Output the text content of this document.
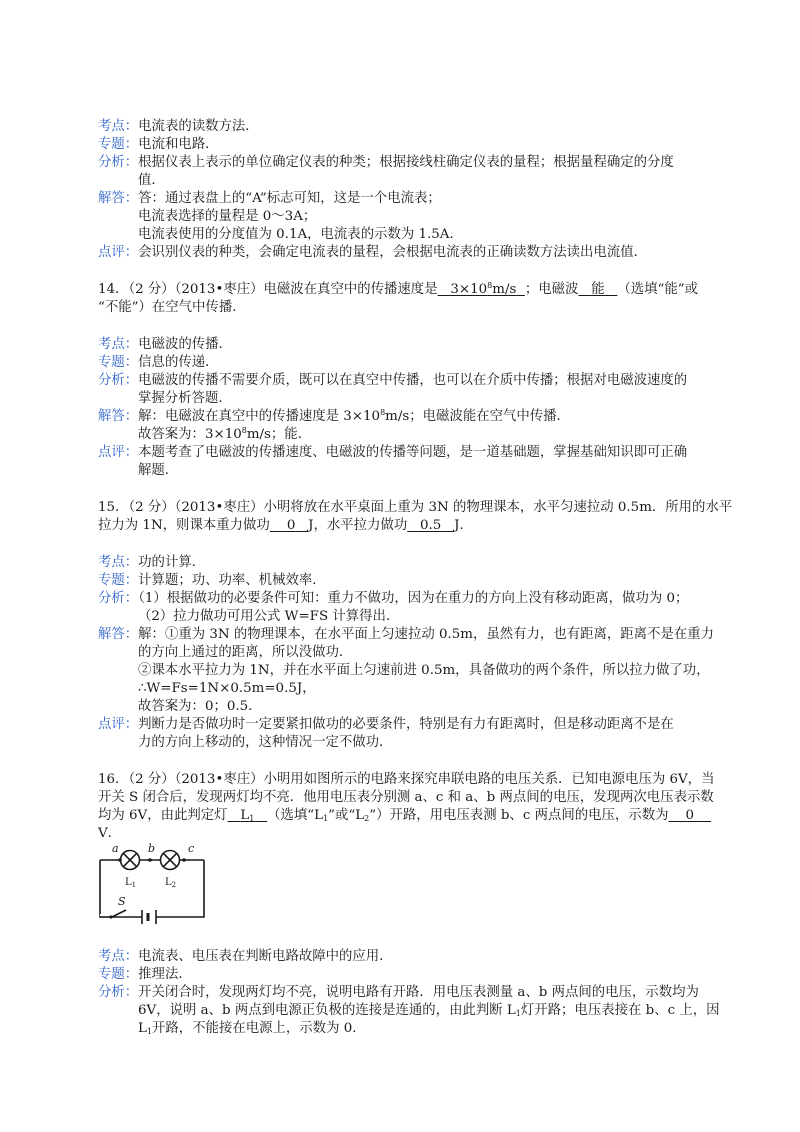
考点：电流表的读数方法．
专题：电流和电路．
分析：根据仪表上表示的单位确定仪表的种类；根据接线柱确定仪表的量程；根据量程确定的分度
值．
解答：答：通过表盘上的“A”标志可知，这是一个电流表；
电流表选择的量程是 0～3A；
电流表使用的分度值为 0.1A，电流表的示数为 1.5A．
点评：会识别仪表的种类，会确定电流表的量程，会根据电流表的正确读数方法读出电流值．
14．（2 分）（2013•枣庄）电磁波在真空中的传播速度是 $3\times 10^8m/s$ ；电磁波 能 （选填“能”或
“不能”）在空气中传播．
考点：电磁波的传播．
专题：信息的传递．
分析：电磁波的传播不需要介质，既可以在真空中传播，也可以在介质中传播；根据对电磁波速度的
掌握分析答题．
解答：解：电磁波在真空中的传播速度是 $3\times 10^8m/s$；电磁波能在空气中传播．
故答案为：$3\times 10^8m/s$；能．
点评：本题考查了电磁波的传播速度、电磁波的传播等问题，是一道基础题，掌握基础知识即可正确
解题．
15．（2 分）（2013•枣庄）小明将放在水平桌面上重为 3N 的物理课本，水平匀速拉动 0.5m．所用的水平
拉力为 1N，则课本重力做功 0 J，水平拉力做功 0.5 J．
考点：功的计算．
专题：计算题；功、功率、机械效率．
分析：（1）根据做功的必要条件可知：重力不做功，因为在重力的方向上没有移动距离，做功为 0；
（2）拉力做功可用公式 W=FS 计算得出．
解答：解：①重为 3N 的物理课本，在水平面上匀速拉动 0.5m，虽然有力，也有距离，距离不是在重力
的方向上通过的距离，所以没做功．
②课本水平拉力为 1N，并在水平面上匀速前进 0.5m，具备做功的两个条件，所以拉力做了功，
∴W=Fs=1N×0.5m=0.5J，
故答案为：0；0.5．
点评：判断力是否做功时一定要紧扣做功的必要条件，特别是有力有距离时，但是移动距离不是在
力的方向上移动的，这种情况一定不做功．
16．（2 分）（2013•枣庄）小明用如图所示的电路来探究串联电路的电压关系．已知电源电压为 6V，当
开关 S 闭合后，发现两灯均不亮．他用电压表分别测 a、c 和 a、b 两点间的电压，发现两次电压表示数
均为 6V，由此判定灯 $L_1$ （选填“$L_1$”或“$L_2$”）开路，用电压表测 b、c 两点间的电压，示数为 0
V．
a	b	c
S
$L_1$	$L_2$
考点：电流表、电压表在判断电路故障中的应用．
专题：推理法．
分析：开关闭合时，发现两灯均不亮，说明电路有开路．用电压表测量 a、b 两点间的电压，示数均为
6V，说明 a、b 两点到电源正负极的连接是连通的，由此判断 $L_1$灯开路；电压表接在 b、c 上，因
$L_1$开路，不能接在电源上，示数为 0．
